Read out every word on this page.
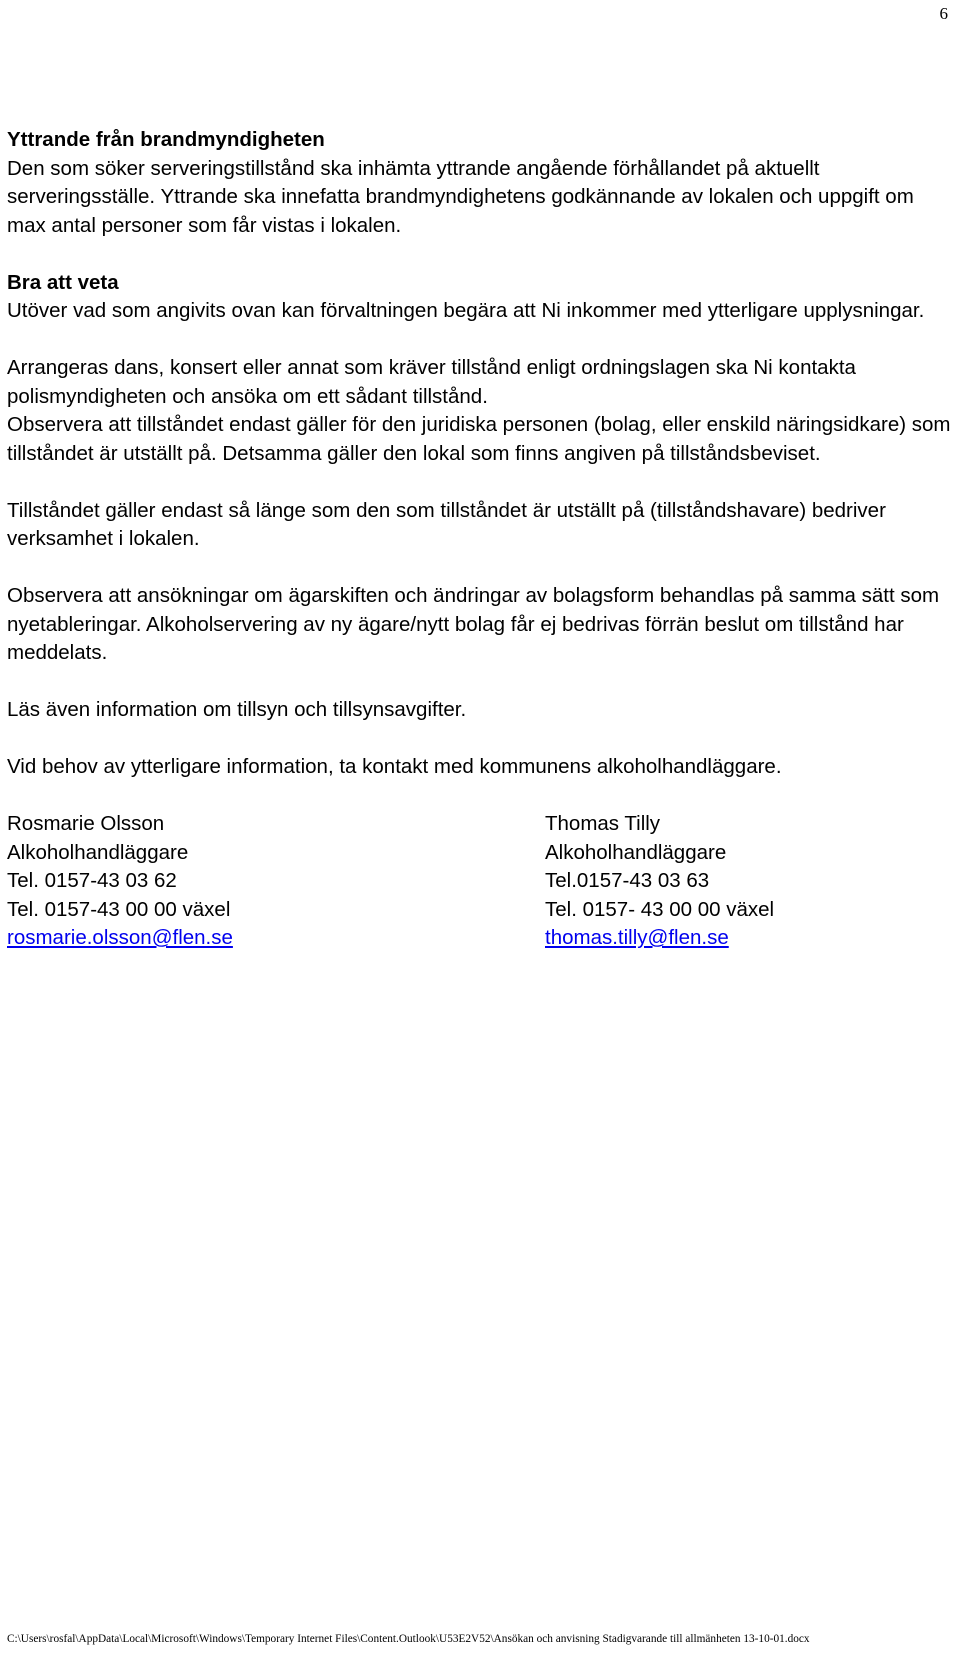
6
Yttrande från brandmyndigheten
Den som söker serveringstillstånd ska inhämta yttrande angående förhållandet på aktuellt serveringsställe. Yttrande ska innefatta brandmyndighetens godkännande av lokalen och uppgift om max antal personer som får vistas i lokalen.
Bra att veta
Utöver vad som angivits ovan kan förvaltningen begära att Ni inkommer med ytterligare upplysningar.
Arrangeras dans, konsert eller annat som kräver tillstånd enligt ordningslagen ska Ni kontakta polismyndigheten och ansöka om ett sådant tillstånd.
Observera att tillståndet endast gäller för den juridiska personen (bolag, eller enskild näringsidkare) som tillståndet är utställt på. Detsamma gäller den lokal som finns angiven på tillståndsbeviset.
Tillståndet gäller endast så länge som den som tillståndet är utställt på (tillståndshavare) bedriver verksamhet i lokalen.
Observera att ansökningar om ägarskiften och ändringar av bolagsform behandlas på samma sätt som nyetableringar. Alkoholservering av ny ägare/nytt bolag får ej bedrivas förrän beslut om tillstånd har meddelats.
Läs även information om tillsyn och tillsynsavgifter.
Vid behov av ytterligare information, ta kontakt med kommunens alkoholhandläggare.
Rosmarie Olsson
Alkoholhandläggare
Tel. 0157-43 03 62
Tel. 0157-43 00 00 växel
rosmarie.olsson@flen.se
Thomas Tilly
Alkoholhandläggare
Tel.0157-43 03 63
Tel. 0157- 43 00 00 växel
thomas.tilly@flen.se
C:\Users\rosfal\AppData\Local\Microsoft\Windows\Temporary Internet Files\Content.Outlook\U53E2V52\Ansökan och anvisning Stadigvarande till allmänheten 13-10-01.docx
